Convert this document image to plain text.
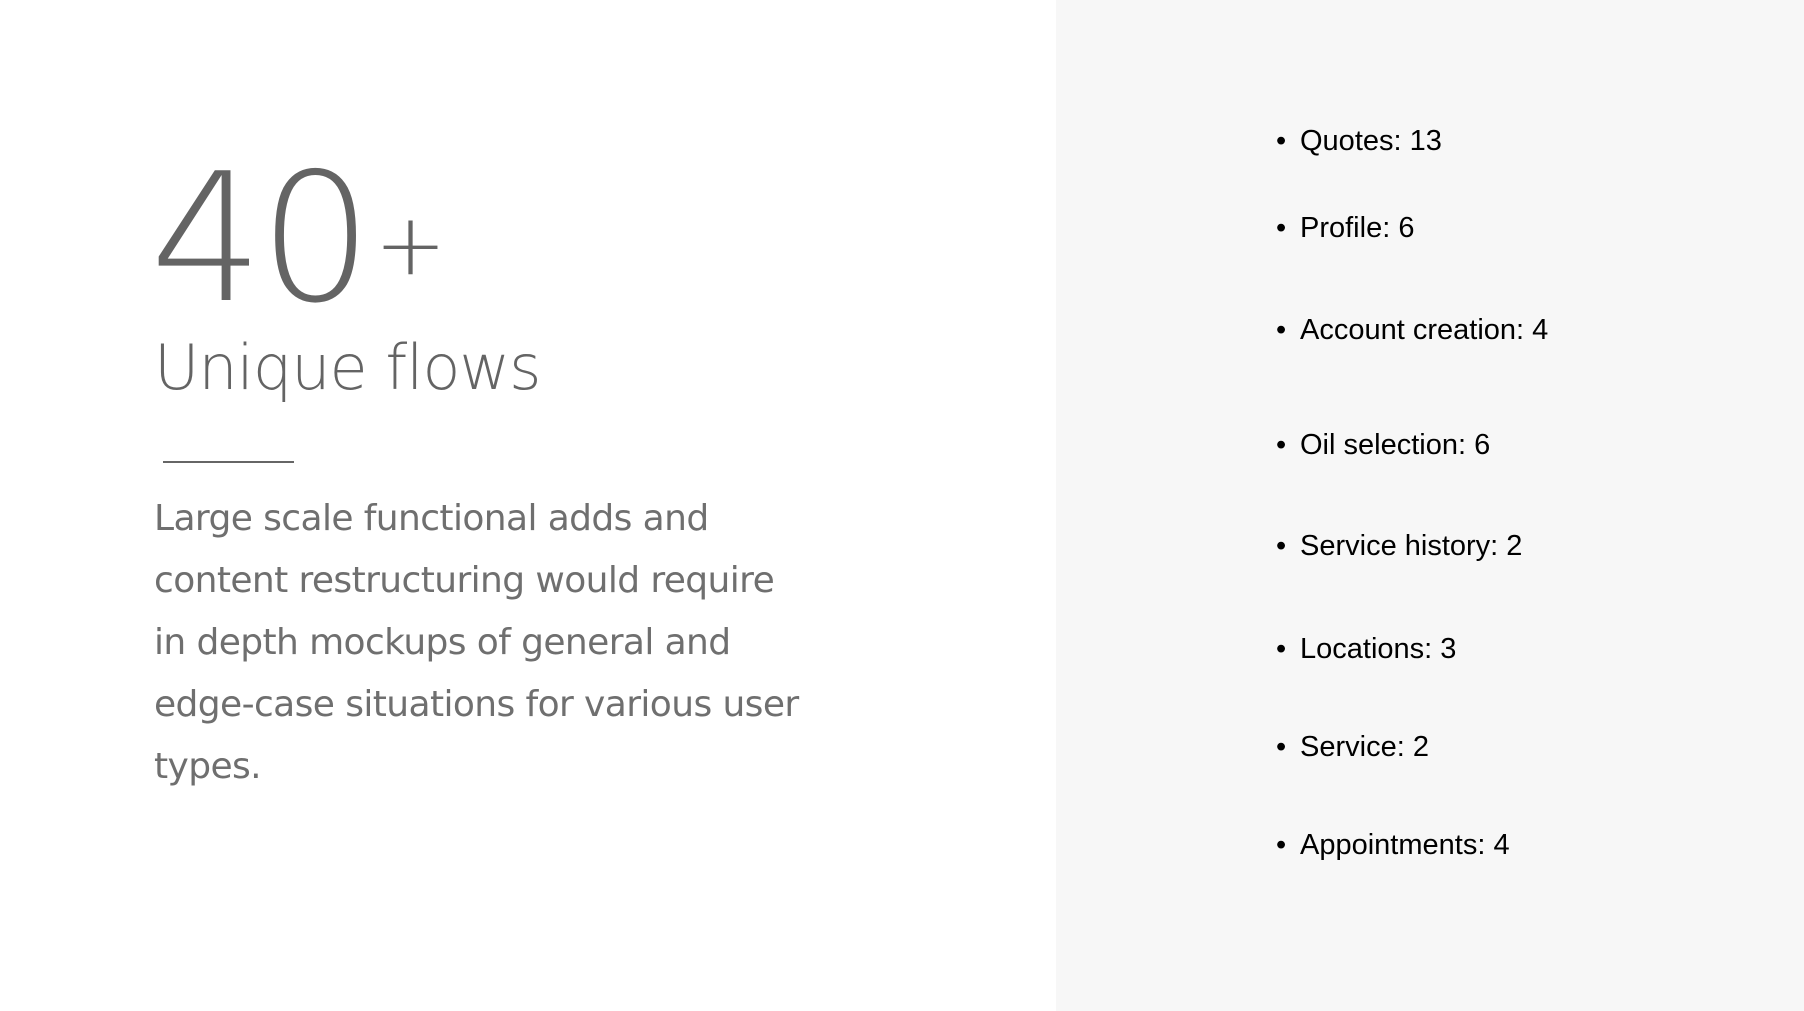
40 +
Unique flows

Large scale functional adds and content restructuring would require in depth mockups of general and edge-case situations for various user types.

• Quotes: 13
• Profile: 6
• Account creation: 4
• Oil selection: 6
• Service history: 2
• Locations: 3
• Service: 2
• Appointments: 4
